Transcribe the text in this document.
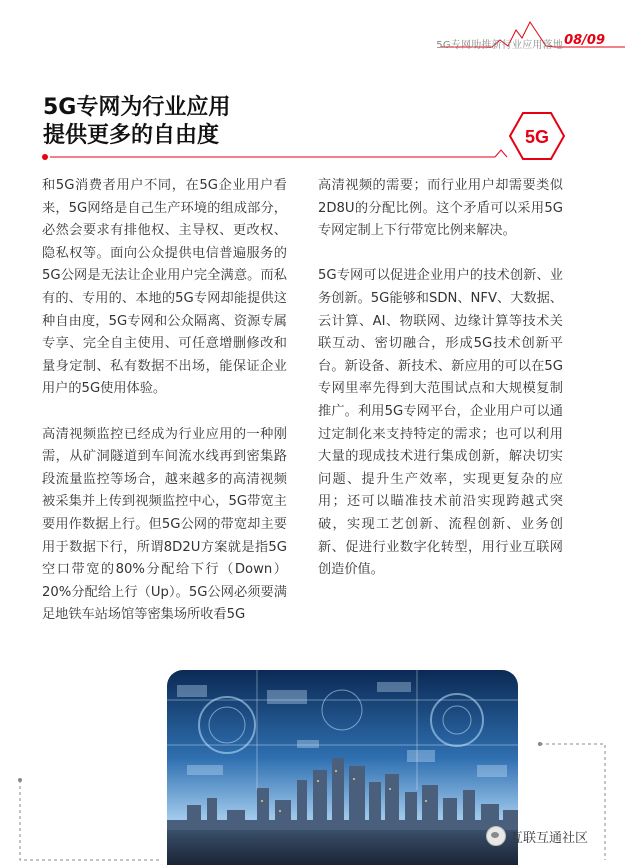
5G专网助推新行业应用落地 08/09
5G专网为行业应用
提供更多的自由度	5G

和5G消费者用户不同，在5G企业用户看来，5G网络是自己生产环境的组成部分，必然会要求有排他权、主导权、更改权、隐私权等。面向公众提供电信普遍服务的5G公网是无法让企业用户完全满意。而私有的、专用的、本地的5G专网却能提供这种自由度，5G专网和公众隔离、资源专属专享、完全自主使用、可任意增删修改和量身定制、私有数据不出场，能保证企业用户的5G使用体验。

高清视频监控已经成为行业应用的一种刚需，从矿洞隧道到车间流水线再到密集路段流量监控等场合，越来越多的高清视频被采集并上传到视频监控中心，5G带宽主要用作数据上行。但5G公网的带宽却主要用于数据下行，所谓8D2U方案就是指5G空口带宽的80%分配给下行（Down）20%分配给上行（Up）。5G公网必须要满足地铁车站场馆等密集场所收看5G

高清视频的需要；而行业用户却需要类似2D8U的分配比例。这个矛盾可以采用5G专网定制上下行带宽比例来解决。

5G专网可以促进企业用户的技术创新、业务创新。5G能够和SDN、NFV、大数据、云计算、AI、物联网、边缘计算等技术关联互动、密切融合，形成5G技术创新平台。新设备、新技术、新应用的可以在5G专网里率先得到大范围试点和大规模复制推广。利用5G专网平台，企业用户可以通过定制化来支持特定的需求；也可以利用大量的现成技术进行集成创新，解决切实问题、提升生产效率，实现更复杂的应用；还可以瞄准技术前沿实现跨越式突破，实现工艺创新、流程创新、业务创新、促进行业数字化转型，用行业互联网创造价值。

互联互通社区
